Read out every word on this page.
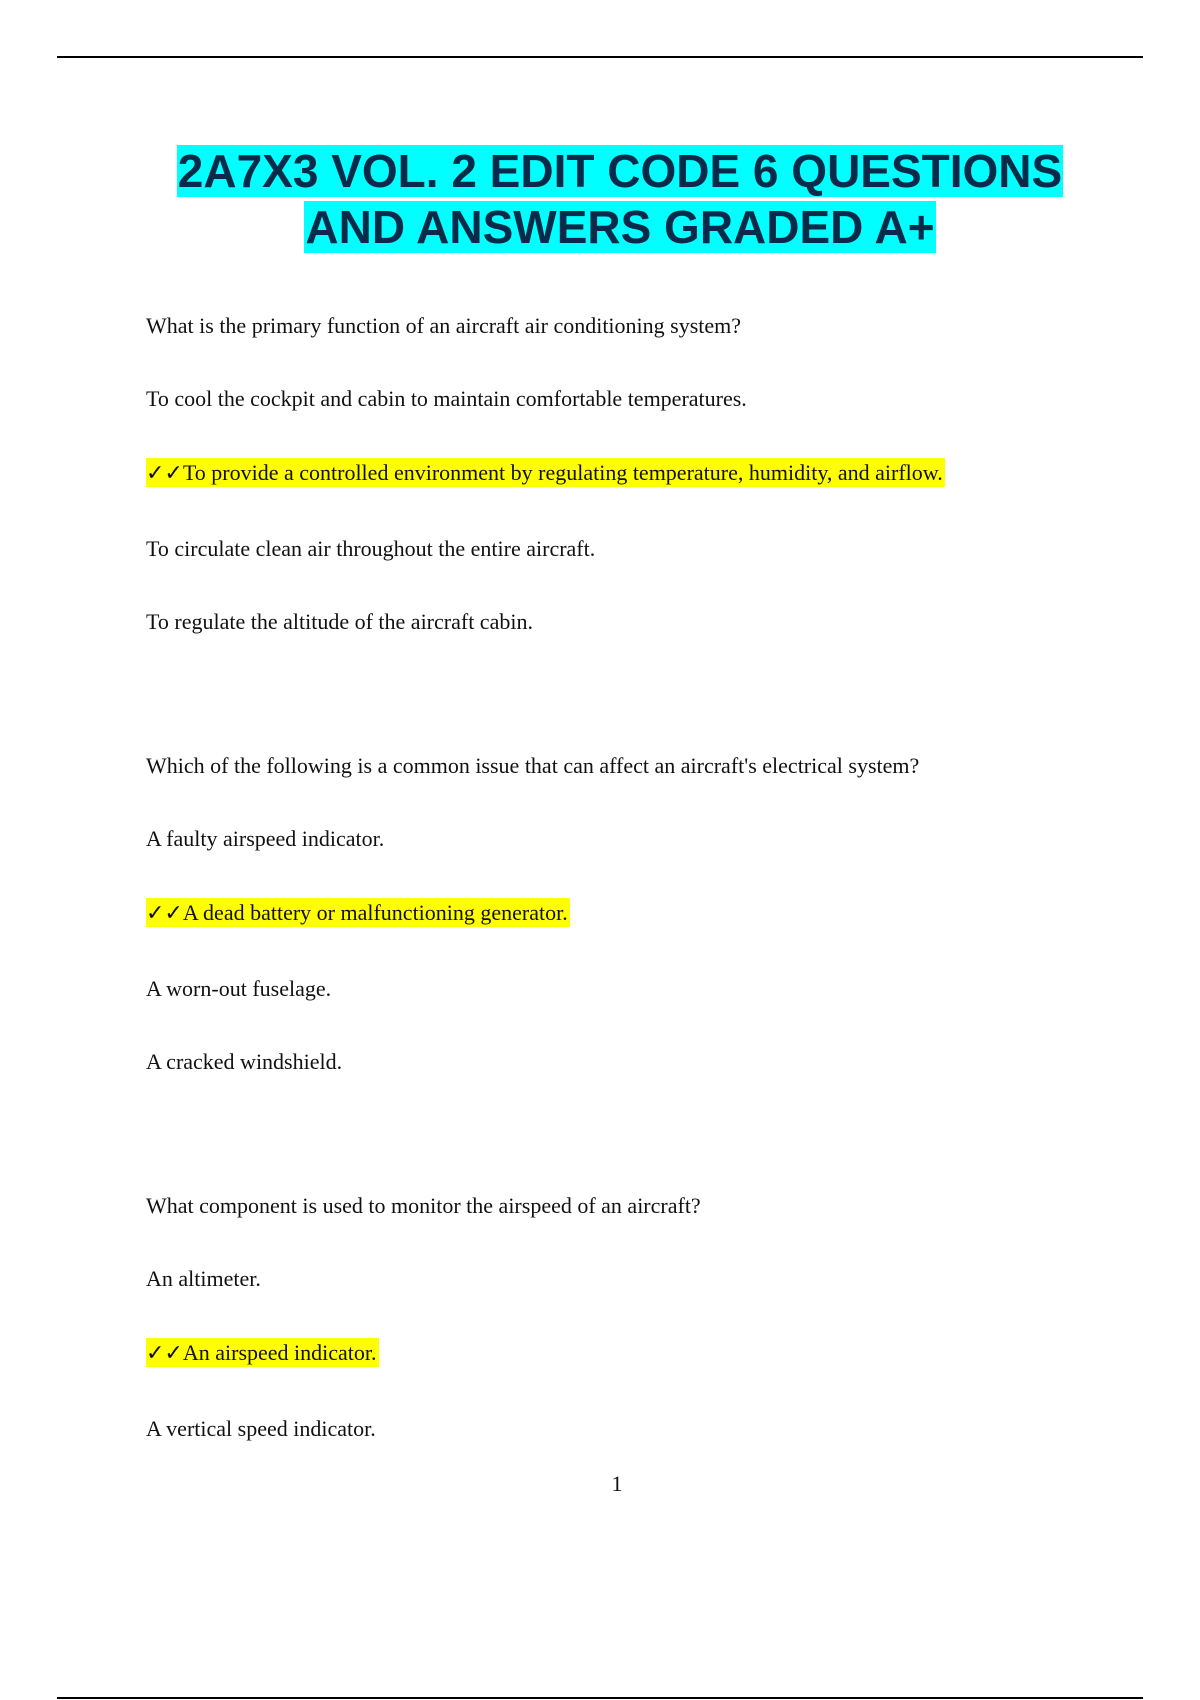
2A7X3 VOL. 2 EDIT CODE 6 QUESTIONS
AND ANSWERS GRADED A+

What is the primary function of an aircraft air conditioning system?

To cool the cockpit and cabin to maintain comfortable temperatures.

✓✓To provide a controlled environment by regulating temperature, humidity, and airflow.

To circulate clean air throughout the entire aircraft.

To regulate the altitude of the aircraft cabin.

Which of the following is a common issue that can affect an aircraft's electrical system?

A faulty airspeed indicator.

✓✓A dead battery or malfunctioning generator.

A worn-out fuselage.

A cracked windshield.

What component is used to monitor the airspeed of an aircraft?

An altimeter.

✓✓An airspeed indicator.

A vertical speed indicator.

1
